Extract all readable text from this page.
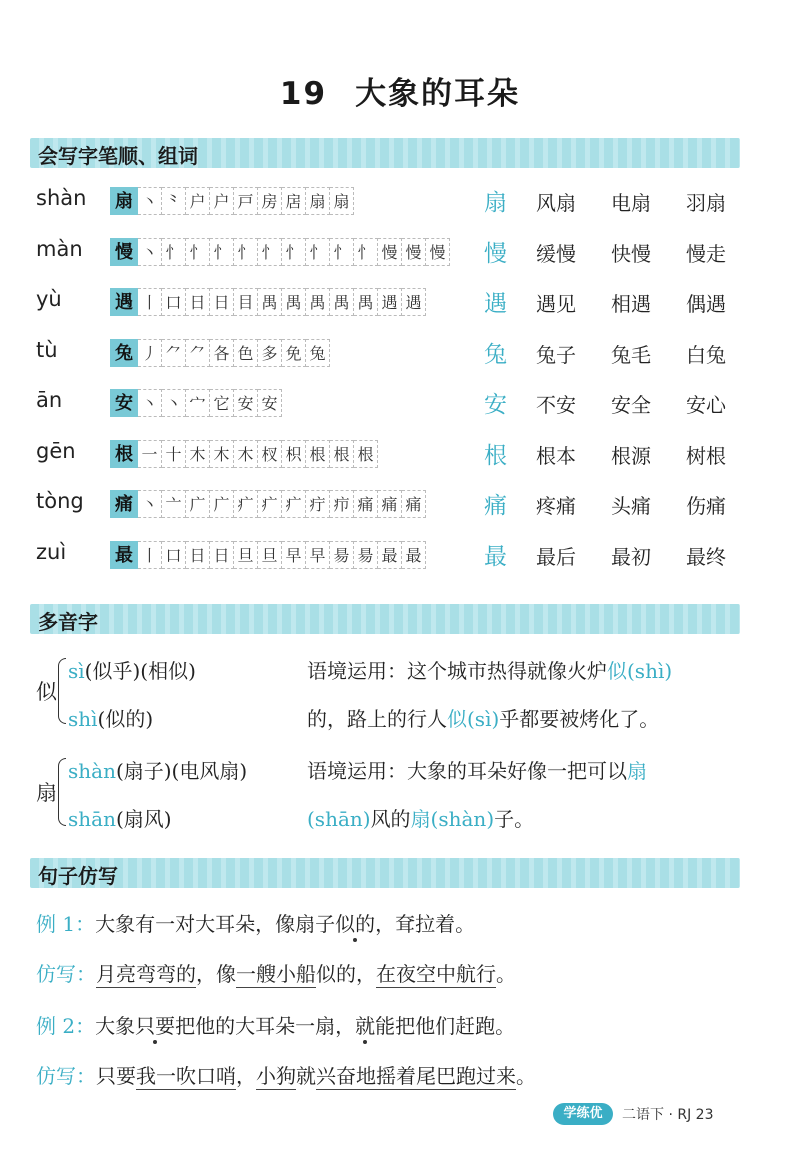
19 大象的耳朵
会写字笔顺、组词
shàn 扇 丶 ⺀ 户 户 戸 房 扂 扇 扇	扇 风扇 电扇 羽扇
màn 慢 丶 忄 忄 忄 忄 忄 忄 忄 忄 忄 慢 慢 慢 慢 缓慢 快慢 慢走
yù	遇 丨 口 日 日 目 禺 禺 禺 禺 禺 遇 遇	遇 遇见 相遇 偶遇
tù	兔 丿 ⺈ ⺈ 各 色 多 免 兔	兔 兔子 兔毛 白兔
ān	安 丶 丶 宀 它 安 安	安 不安 安全 安心
gēn 根 一 十 木 木 木 杈 枳 根 根 根	根 根本 根源 树根
tòng 痛 丶 亠 广 广 疒 疒 疒 疔 疖 痛 痛 痛	痛 疼痛 头痛 伤痛
zuì	最 丨 口 日 日 旦 旦 早 早 昜 昜 最 最	最 最后 最初 最终
多音字
似
sì(似乎)(相似)
shì(似的)
语境运用：这个城市热得就像火炉似(shì)
的，路上的行人似(sì)乎都要被烤化了。
扇
shàn(扇子)(电风扇)
shān(扇风)
语境运用：大象的耳朵好像一把可以扇
(shān)风的扇(shàn)子。
句子仿写
例 1：大象有一对大耳朵，像扇子似的，耷拉着。
仿写：月亮弯弯的，像一艘小船似的，在夜空中航行。
例 2：大象只要把他的大耳朵一扇，就能把他们赶跑。
仿写：只要我一吹口哨，小狗就兴奋地摇着尾巴跑过来。
学练优	二语下 · RJ 23
